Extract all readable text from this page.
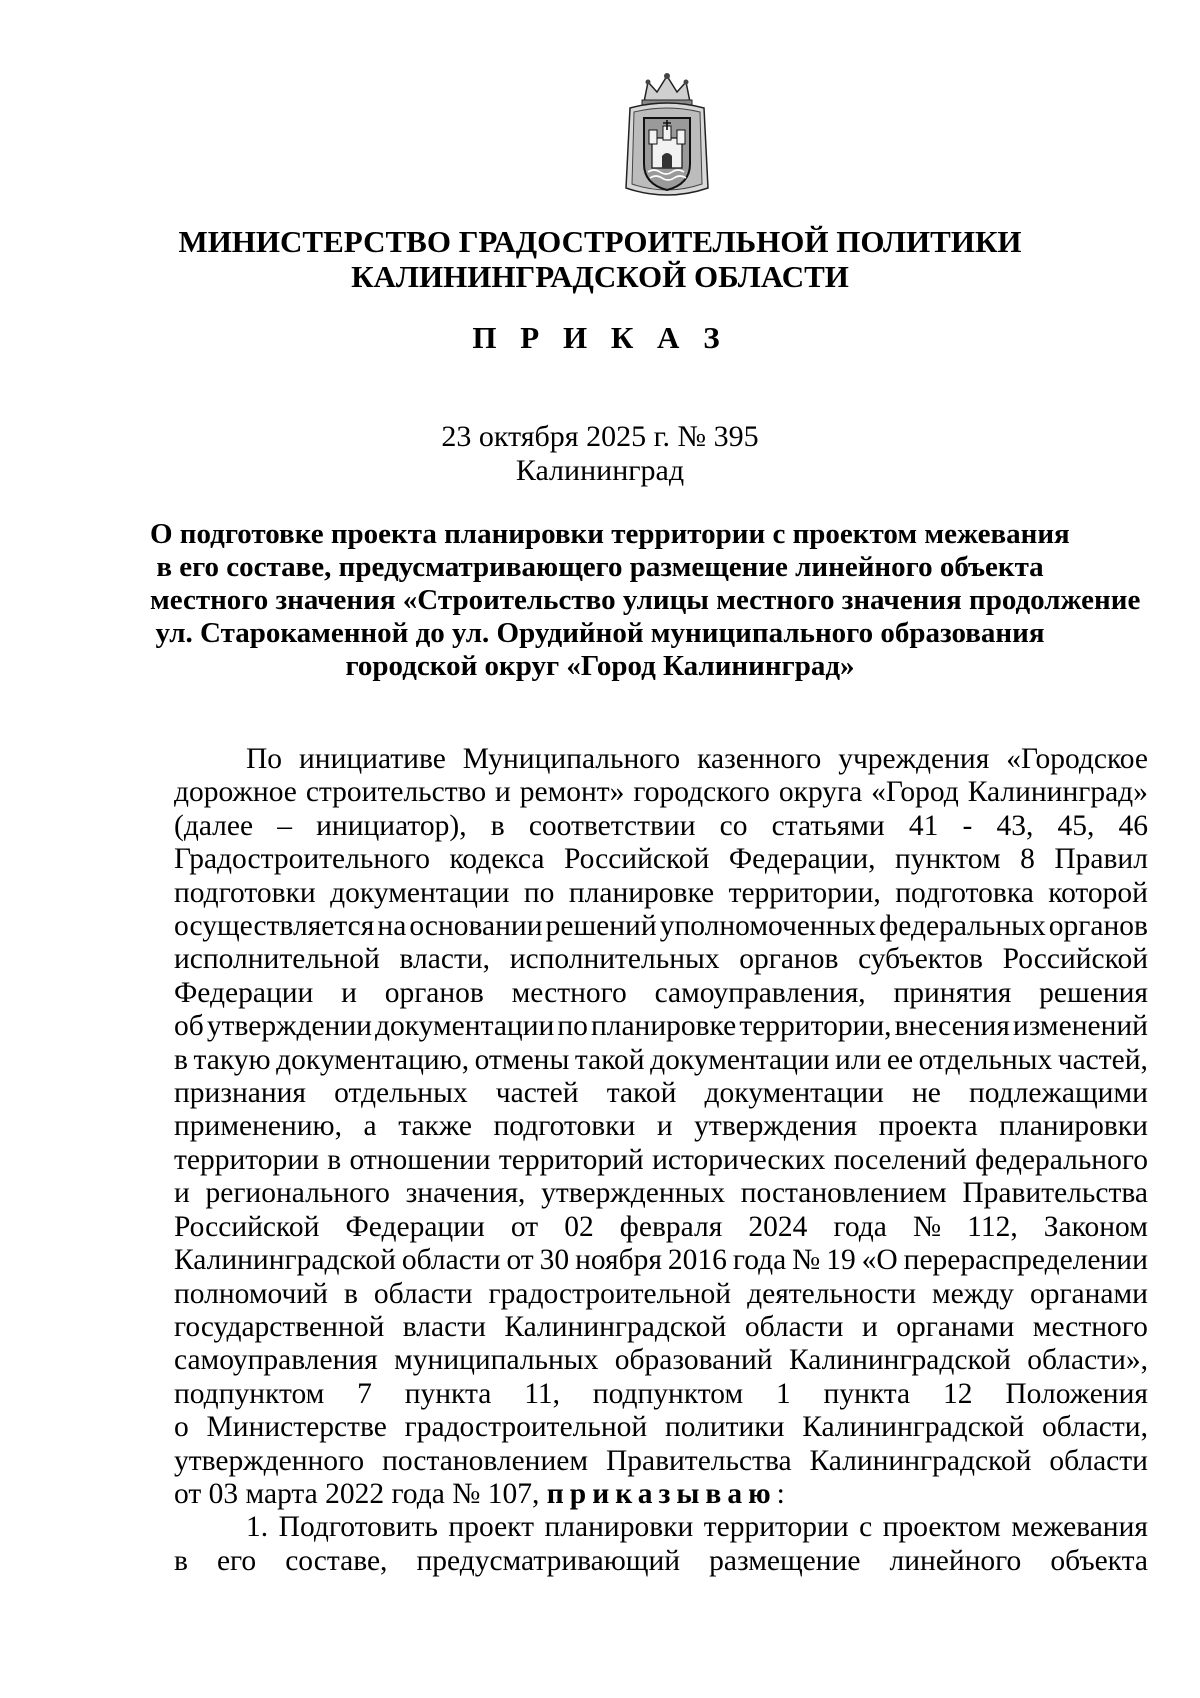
МИНИСТЕРСТВО ГРАДОСТРОИТЕЛЬНОЙ ПОЛИТИКИ

КАЛИНИНГРАДСКОЙ ОБЛАСТИ

П Р И К А З

23 октября 2025 г. № 395

Калининград

О подготовке проекта планировки территории с проектом межевания
в его составе, предусматривающего размещение линейного объекта
местного значения «Строительство улицы местного значения продолжение
ул. Старокаменной до ул. Орудийной муниципального образования
городской округ «Город Калининград»
По инициативе Муниципального казенного учреждения «Городское
дорожное строительство и ремонт» городского округа «Город Калининград»
(далее – инициатор), в соответствии со статьями 41 - 43, 45, 46
Градостроительного кодекса Российской Федерации, пунктом 8 Правил
подготовки документации по планировке территории, подготовка которой
осуществляется на основании решений уполномоченных федеральных органов
исполнительной власти, исполнительных органов субъектов Российской
Федерации и органов местного самоуправления, принятия решения
об утверждении документации по планировке территории, внесения изменений
в такую документацию, отмены такой документации или ее отдельных частей,
признания отдельных частей такой документации не подлежащими
применению, а также подготовки и утверждения проекта планировки
территории в отношении территорий исторических поселений федерального
и регионального значения, утвержденных постановлением Правительства
Российской Федерации от 02 февраля 2024 года № 112, Законом
Калининградской области от 30 ноября 2016 года № 19 «О перераспределении
полномочий в области градостроительной деятельности между органами
государственной власти Калининградской области и органами местного
самоуправления муниципальных образований Калининградской области»,
подпунктом 7 пункта 11, подпунктом 1 пункта 12 Положения
о Министерстве градостроительной политики Калининградской области,
утвержденного постановлением Правительства Калининградской области
от 03 марта 2022 года № 107, приказываю :
1. Подготовить проект планировки территории с проектом межевания
в его составе, предусматривающий размещение линейного объекта
